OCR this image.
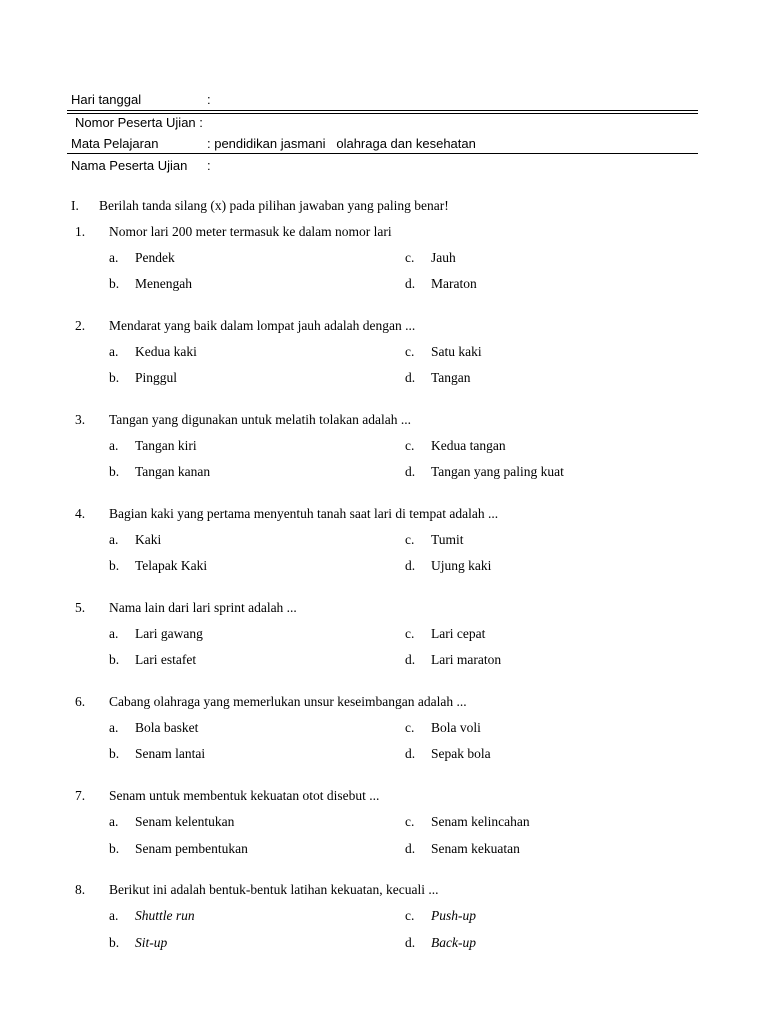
Hari tanggal	:
Nomor Peserta Ujian :
Mata Pelajaran	: pendidikan jasmani   olahraga dan kesehatan
Nama Peserta Ujian :
I. Berilah tanda silang (x) pada pilihan jawaban yang paling benar!
1. Nomor lari 200 meter termasuk ke dalam nomor lari
a. Pendek	c. Jauh
b. Menengah	d. Maraton
2. Mendarat yang baik dalam lompat jauh adalah dengan ...
a. Kedua kaki	c. Satu kaki
b. Pinggul	d. Tangan
3. Tangan yang digunakan untuk melatih tolakan adalah ...
a. Tangan kiri	c. Kedua tangan
b. Tangan kanan	d. Tangan yang paling kuat
4. Bagian kaki yang pertama menyentuh tanah saat lari di tempat adalah ...
a. Kaki	c. Tumit
b. Telapak Kaki	d. Ujung kaki
5. Nama lain dari lari sprint adalah ...
a. Lari gawang	c. Lari cepat
b. Lari estafet	d. Lari maraton
6. Cabang olahraga yang memerlukan unsur keseimbangan adalah ...
a. Bola basket	c. Bola voli
b. Senam lantai	d. Sepak bola
7. Senam untuk membentuk kekuatan otot disebut ...
a. Senam kelentukan	c. Senam kelincahan
b. Senam pembentukan	d. Senam kekuatan
8. Berikut ini adalah bentuk-bentuk latihan kekuatan, kecuali ...
a. Shuttle run	c. Push-up
b. Sit-up	d. Back-up
